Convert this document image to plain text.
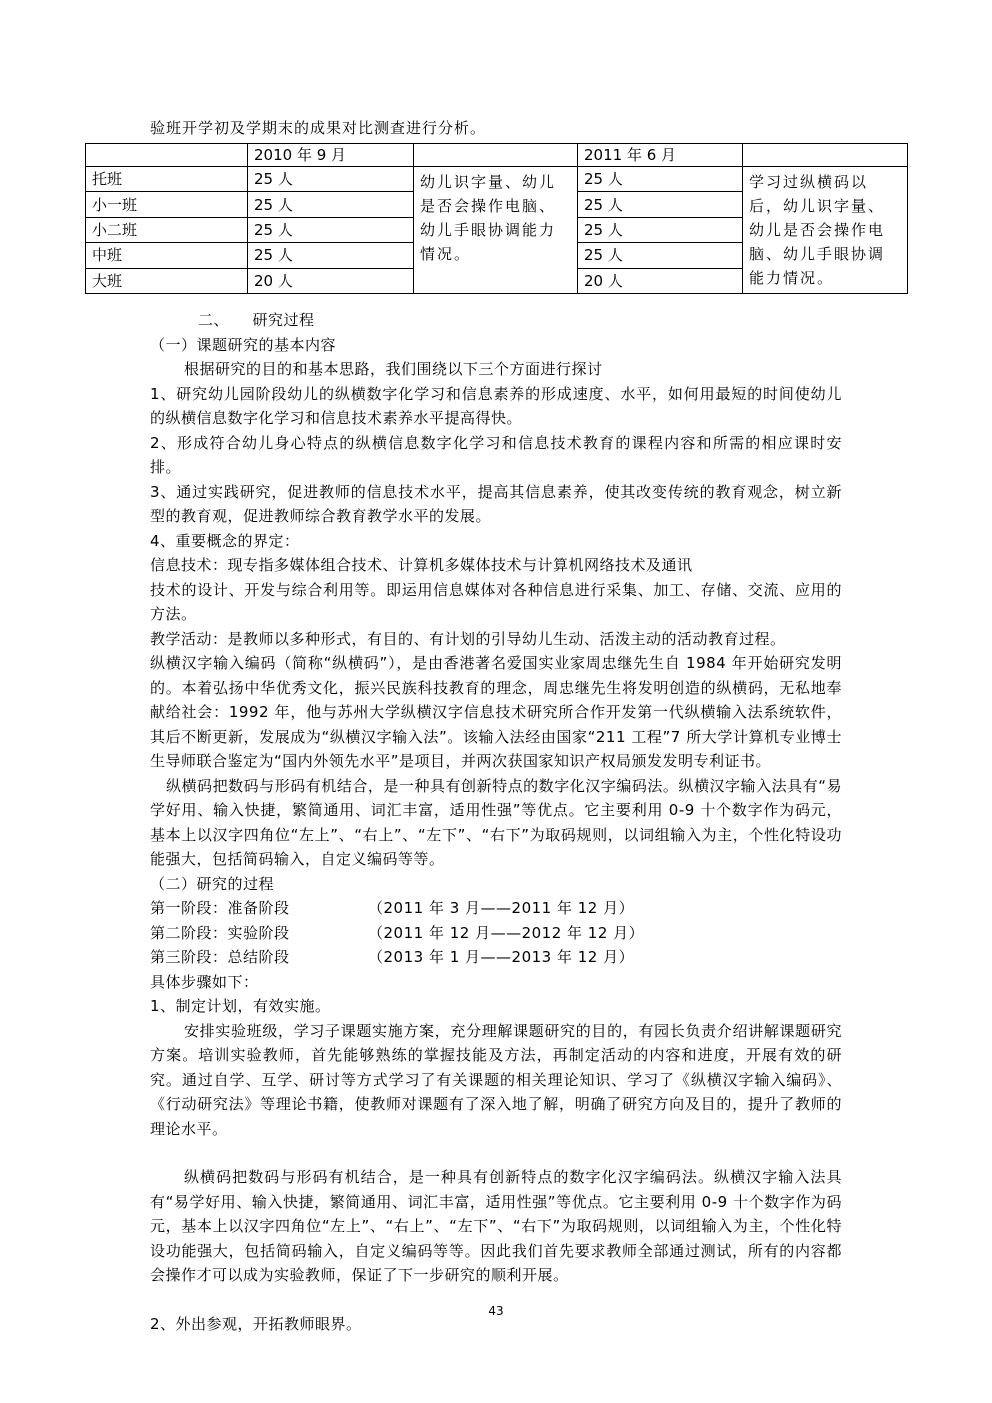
验班开学初及学期末的成果对比测查进行分析。
	2010 年 9 月		2011 年 6 月	
托班	25 人	幼儿识字量、幼儿是否会操作电脑、幼儿手眼协调能力情况。	25 人	学习过纵横码以后，幼儿识字量、幼儿是否会操作电脑、幼儿手眼协调能力情况。
小一班	25 人		25 人	
小二班	25 人		25 人	
中班	25 人		25 人	
大班	20 人		20 人	

二、　　研究过程

（一）课题研究的基本内容

根据研究的目的和基本思路，我们围绕以下三个方面进行探讨

1、研究幼儿园阶段幼儿的纵横数字化学习和信息素养的形成速度、水平，如何用最短的时间使幼儿的纵横信息数字化学习和信息技术素养水平提高得快。

2、形成符合幼儿身心特点的纵横信息数字化学习和信息技术教育的课程内容和所需的相应课时安排。

3、通过实践研究，促进教师的信息技术水平，提高其信息素养，使其改变传统的教育观念，树立新型的教育观，促进教师综合教育教学水平的发展。

4、重要概念的界定：

信息技术：现专指多媒体组合技术、计算机多媒体技术与计算机网络技术及通讯

技术的设计、开发与综合利用等。即运用信息媒体对各种信息进行采集、加工、存储、交流、应用的方法。

教学活动：是教师以多种形式，有目的、有计划的引导幼儿生动、活泼主动的活动教育过程。

纵横汉字输入编码（简称“纵横码”），是由香港著名爱国实业家周忠继先生自 1984 年开始研究发明的。本着弘扬中华优秀文化，振兴民族科技教育的理念，周忠继先生将发明创造的纵横码，无私地奉献给社会：1992 年，他与苏州大学纵横汉字信息技术研究所合作开发第一代纵横输入法系统软件，其后不断更新，发展成为“纵横汉字输入法”。该输入法经由国家“211 工程”7 所大学计算机专业博士生导师联合鉴定为“国内外领先水平”是项目，并两次获国家知识产权局颁发发明专利证书。

纵横码把数码与形码有机结合，是一种具有创新特点的数字化汉字编码法。纵横汉字输入法具有“易学好用、输入快捷，繁简通用、词汇丰富，适用性强”等优点。它主要利用 0-9 十个数字作为码元，基本上以汉字四角位“左上”、“右上”、“左下”、“右下”为取码规则，以词组输入为主，个性化特设功能强大，包括简码输入，自定义编码等等。

（二）研究的过程

第一阶段：准备阶段	（2011 年 3 月——2011 年 12 月）
第二阶段：实验阶段	（2011 年 12 月——2012 年 12 月）
第三阶段：总结阶段	（2013 年 1 月——2013 年 12 月）

具体步骤如下：

1、制定计划，有效实施。

安排实验班级，学习子课题实施方案，充分理解课题研究的目的，有园长负责介绍讲解课题研究方案。培训实验教师，首先能够熟练的掌握技能及方法，再制定活动的内容和进度，开展有效的研究。通过自学、互学、研讨等方式学习了有关课题的相关理论知识、学习了《纵横汉字输入编码》、《行动研究法》等理论书籍，使教师对课题有了深入地了解，明确了研究方向及目的，提升了教师的理论水平。

纵横码把数码与形码有机结合，是一种具有创新特点的数字化汉字编码法。纵横汉字输入法具有“易学好用、输入快捷，繁简通用、词汇丰富，适用性强”等优点。它主要利用 0-9 十个数字作为码元，基本上以汉字四角位“左上”、“右上”、“左下”、“右下”为取码规则，以词组输入为主，个性化特设功能强大，包括简码输入，自定义编码等等。因此我们首先要求教师全部通过测试，所有的内容都会操作才可以成为实验教师，保证了下一步研究的顺利开展。

2、外出参观，开拓教师眼界。

43
